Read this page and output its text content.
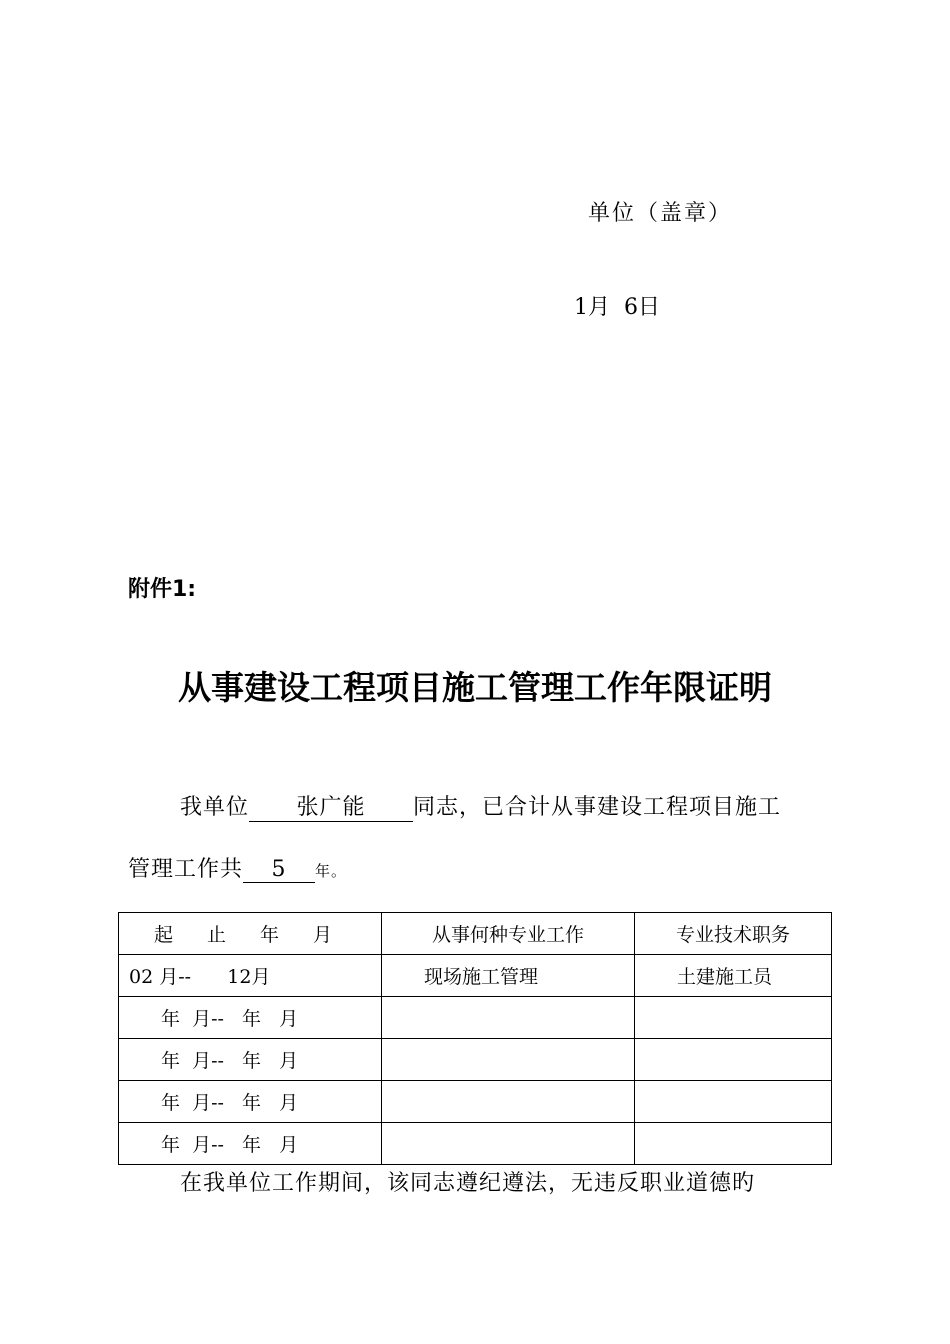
单位（盖章）
1月 6日
附件1:
从事建设工程项目施工管理工作年限证明
我单位 张广能 同志，已合计从事建设工程项目施工
管理工作共 5 年。
起 止 年 月	从事何种专业工作	专业技术职务
02 月--      12月	现场施工管理	土建施工员
年  月--   年   月		
年  月--   年   月		
年  月--   年   月		
年  月--   年   月		
在我单位工作期间，该同志遵纪遵法，无违反职业道德旳
